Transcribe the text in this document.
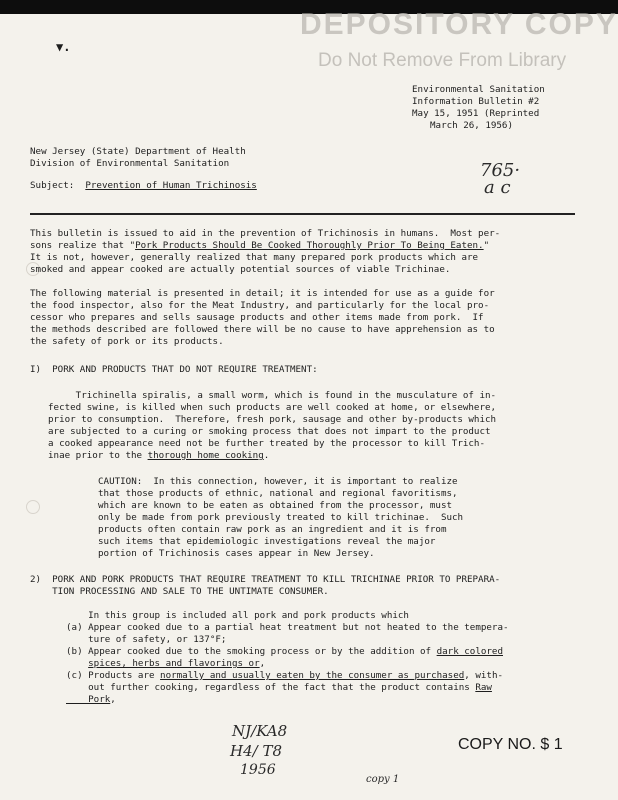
DEPOSITORY COPY
Do Not Remove From Library
▼.
Environmental Sanitation
Information Bulletin #2
May 15, 1951 (Reprinted
March 26, 1956)
New Jersey (State) Department of Health
Division of Environmental Sanitation
Subject: Prevention of Human Trichinosis
765·
a c
This bulletin is issued to aid in the prevention of Trichinosis in humans.  Most per-
sons realize that "Pork Products Should Be Cooked Thoroughly Prior To Being Eaten."
It is not, however, generally realized that many prepared pork products which are
smoked and appear cooked are actually potential sources of viable Trichinae.
The following material is presented in detail; it is intended for use as a guide for
the food inspector, also for the Meat Industry, and particularly for the local pro-
cessor who prepares and sells sausage products and other items made from pork.  If
the methods described are followed there will be no cause to have apprehension as to
the safety of pork or its products.
I)  PORK AND PRODUCTS THAT DO NOT REQUIRE TREATMENT:
Trichinella spiralis, a small worm, which is found in the musculature of in-
fected swine, is killed when such products are well cooked at home, or elsewhere,
prior to consumption.  Therefore, fresh pork, sausage and other by-products which
are subjected to a curing or smoking process that does not impart to the product
a cooked appearance need not be further treated by the processor to kill Trich-
inae prior to the thorough home cooking.
CAUTION:  In this connection, however, it is important to realize
that those products of ethnic, national and regional favoritisms,
which are known to be eaten as obtained from the processor, must
only be made from pork previously treated to kill trichinae.  Such
products often contain raw pork as an ingredient and it is from
such items that epidemiologic investigations reveal the major
portion of Trichinosis cases appear in New Jersey.
2)  PORK AND PORK PRODUCTS THAT REQUIRE TREATMENT TO KILL TRICHINAE PRIOR TO PREPARA-
TION PROCESSING AND SALE TO THE UNTIMATE CONSUMER.
In this group is included all pork and pork products which
(a) Appear cooked due to a partial heat treatment but not heated to the tempera-
ture of safety, or 137°F;
(b) Appear cooked due to the smoking process or by the addition of dark colored
spices, herbs and flavorings or,
(c) Products are normally and usually eaten by the consumer as purchased, with-
out further cooking, regardless of the fact that the product contains Raw
Pork,
NJ/KA8
H4/ T8
1956
COPY NO. $ 1
copy 1
